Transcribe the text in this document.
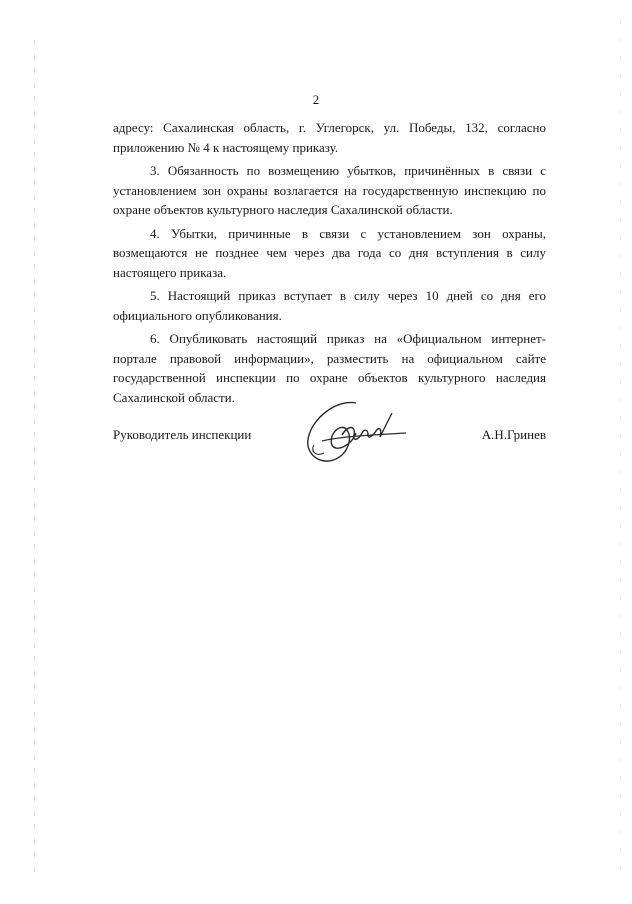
2

адресу: Сахалинская область, г. Углегорск, ул. Победы, 132, согласно приложению № 4 к настоящему приказу.

3. Обязанность по возмещению убытков, причинённых в связи с установлением зон охраны возлагается на государственную инспекцию по охране объектов культурного наследия Сахалинской области.

4. Убытки, причинные в связи с установлением зон охраны, возмещаются не позднее чем через два года со дня вступления в силу настоящего приказа.

5. Настоящий приказ вступает в силу через 10 дней со дня его официального опубликования.

6. Опубликовать настоящий приказ на «Официальном интернет-портале правовой информации», разместить на официальном сайте государственной инспекции по охране объектов культурного наследия Сахалинской области.

Руководитель инспекции	А.Н.Гринев
